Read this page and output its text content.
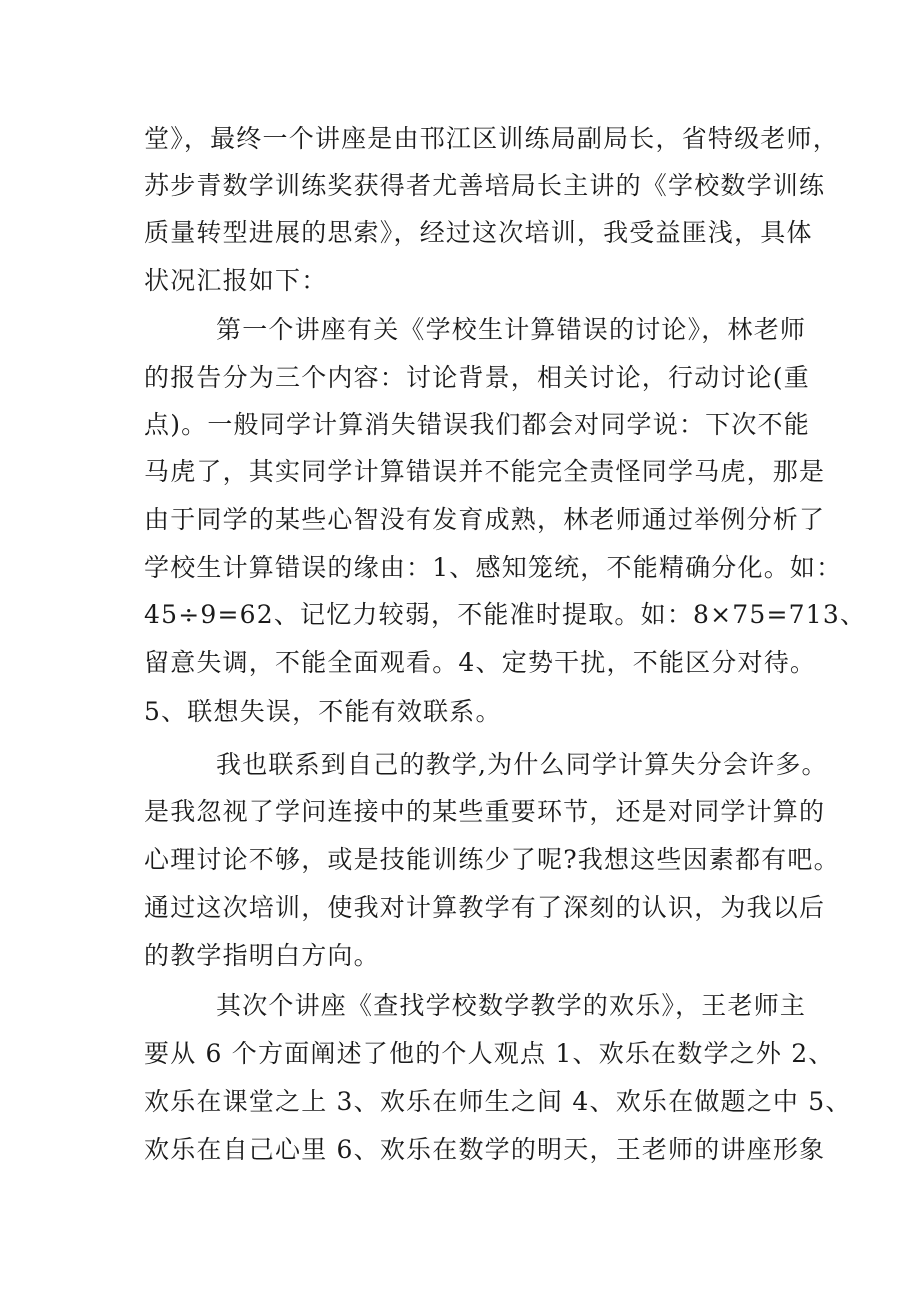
堂》，最终一个讲座是由邗江区训练局副局长，省特级老师，
苏步青数学训练奖获得者尤善培局长主讲的《学校数学训练
质量转型进展的思索》，经过这次培训，我受益匪浅，具体
状况汇报如下：
第一个讲座有关《学校生计算错误的讨论》，林老师
的报告分为三个内容：讨论背景，相关讨论，行动讨论(重
点)。一般同学计算消失错误我们都会对同学说：下次不能
马虎了，其实同学计算错误并不能完全责怪同学马虎，那是
由于同学的某些心智没有发育成熟，林老师通过举例分析了
学校生计算错误的缘由：1、感知笼统，不能精确分化。如：
45÷9=62、记忆力较弱，不能准时提取。如：8×75=713、
留意失调，不能全面观看。4、定势干扰，不能区分对待。
5、联想失误，不能有效联系。
我也联系到自己的教学,为什么同学计算失分会许多。
是我忽视了学问连接中的某些重要环节，还是对同学计算的
心理讨论不够，或是技能训练少了呢?我想这些因素都有吧。
通过这次培训，使我对计算教学有了深刻的认识，为我以后
的教学指明白方向。
其次个讲座《查找学校数学教学的欢乐》，王老师主
要从 6 个方面阐述了他的个人观点 1、欢乐在数学之外 2、
欢乐在课堂之上 3、欢乐在师生之间 4、欢乐在做题之中 5、
欢乐在自己心里 6、欢乐在数学的明天，王老师的讲座形象
